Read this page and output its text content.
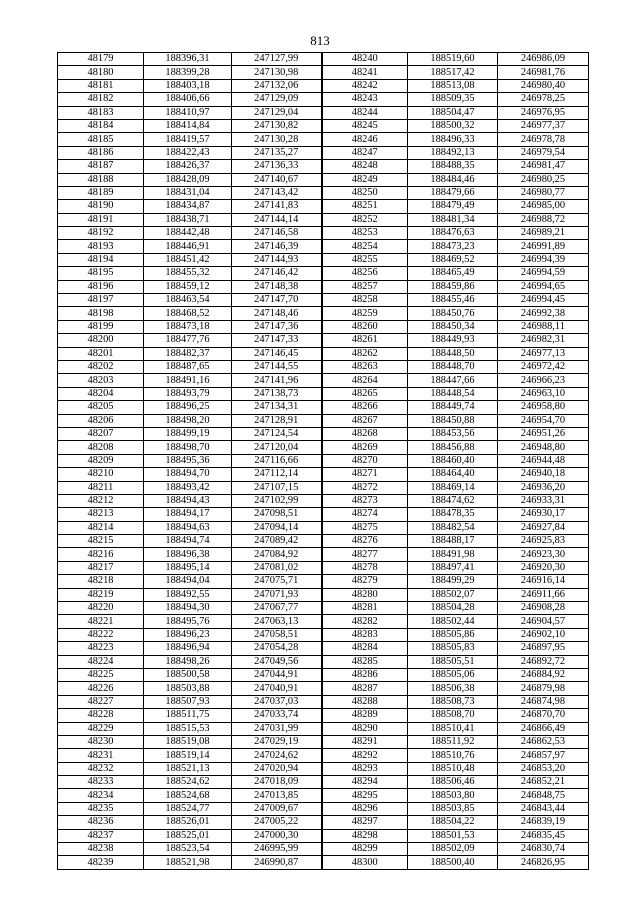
813
48179	188396,31	247127,99	48240	188519,60	246986,09
48180	188399,28	247130,98	48241	188517,42	246981,76
48181	188403,18	247132,06	48242	188513,08	246980,40
48182	188406,66	247129,09	48243	188509,35	246978,25
48183	188410,97	247129,04	48244	188504,47	246976,95
48184	188414,84	247130,82	48245	188500,32	246977,37
48185	188419,57	247130,28	48246	188496,33	246978,78
48186	188422,43	247135,27	48247	188492,13	246979,54
48187	188426,37	247136,33	48248	188488,35	246981,47
48188	188428,09	247140,67	48249	188484,46	246980,25
48189	188431,04	247143,42	48250	188479,66	246980,77
48190	188434,87	247141,83	48251	188479,49	246985,00
48191	188438,71	247144,14	48252	188481,34	246988,72
48192	188442,48	247146,58	48253	188476,63	246989,21
48193	188446,91	247146,39	48254	188473,23	246991,89
48194	188451,42	247144,93	48255	188469,52	246994,39
48195	188455,32	247146,42	48256	188465,49	246994,59
48196	188459,12	247148,38	48257	188459,86	246994,65
48197	188463,54	247147,70	48258	188455,46	246994,45
48198	188468,52	247148,46	48259	188450,76	246992,38
48199	188473,18	247147,36	48260	188450,34	246988,11
48200	188477,76	247147,33	48261	188449,93	246982,31
48201	188482,37	247146,45	48262	188448,50	246977,13
48202	188487,65	247144,55	48263	188448,70	246972,42
48203	188491,16	247141,96	48264	188447,66	246966,23
48204	188493,79	247138,73	48265	188448,54	246963,10
48205	188496,25	247134,31	48266	188449,74	246958,80
48206	188498,20	247128,91	48267	188450,88	246954,70
48207	188499,19	247124,54	48268	188453,56	246951,26
48208	188498,70	247120,04	48269	188456,88	246948,80
48209	188495,36	247116,66	48270	188460,40	246944,48
48210	188494,70	247112,14	48271	188464,40	246940,18
48211	188493,42	247107,15	48272	188469,14	246936,20
48212	188494,43	247102,99	48273	188474,62	246933,31
48213	188494,17	247098,51	48274	188478,35	246930,17
48214	188494,63	247094,14	48275	188482,54	246927,84
48215	188494,74	247089,42	48276	188488,17	246925,83
48216	188496,38	247084,92	48277	188491,98	246923,30
48217	188495,14	247081,02	48278	188497,41	246920,30
48218	188494,04	247075,71	48279	188499,29	246916,14
48219	188492,55	247071,93	48280	188502,07	246911,66
48220	188494,30	247067,77	48281	188504,28	246908,28
48221	188495,76	247063,13	48282	188502,44	246904,57
48222	188496,23	247058,51	48283	188505,86	246902,10
48223	188496,94	247054,28	48284	188505,83	246897,95
48224	188498,26	247049,56	48285	188505,51	246892,72
48225	188500,58	247044,91	48286	188505,06	246884,92
48226	188503,88	247040,91	48287	188506,38	246879,98
48227	188507,93	247037,03	48288	188508,73	246874,98
48228	188511,75	247033,74	48289	188508,70	246870,70
48229	188515,53	247031,99	48290	188510,41	246866,49
48230	188519,08	247029,19	48291	188511,92	246862,53
48231	188519,14	247024,62	48292	188510,76	246857,97
48232	188521,13	247020,94	48293	188510,48	246853,20
48233	188524,62	247018,09	48294	188506,46	246852,21
48234	188524,68	247013,85	48295	188503,80	246848,75
48235	188524,77	247009,67	48296	188503,85	246843,44
48236	188526,01	247005,22	48297	188504,22	246839,19
48237	188525,01	247000,30	48298	188501,53	246835,45
48238	188523,54	246995,99	48299	188502,09	246830,74
48239	188521,98	246990,87	48300	188500,40	246826,95
